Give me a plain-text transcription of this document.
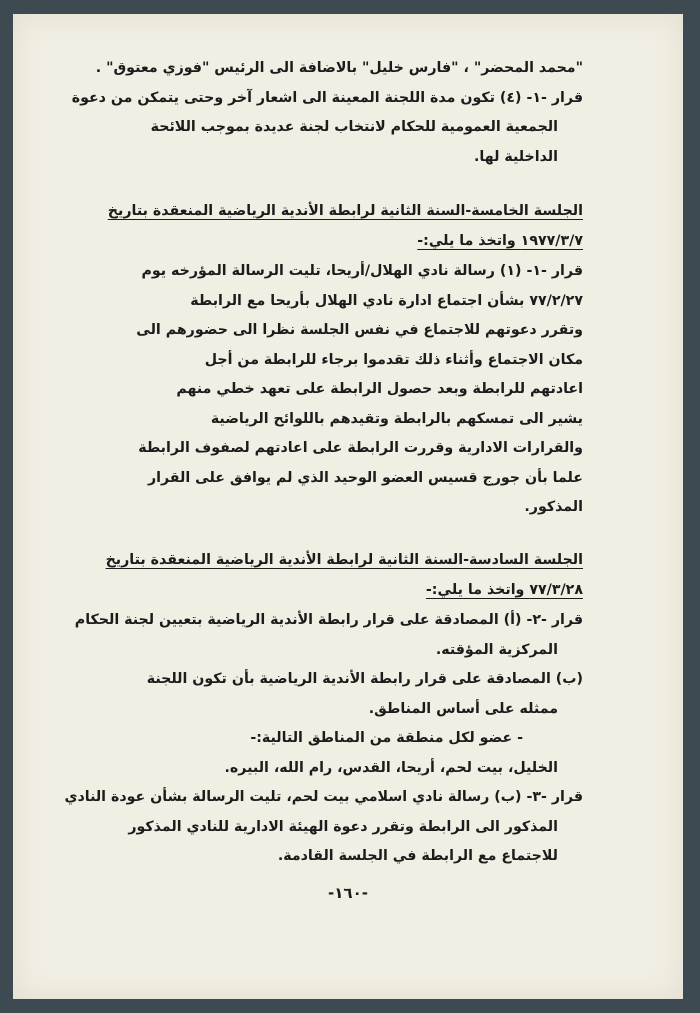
"محمد المحضر" ، "فارس خليل" بالاضافة الى الرئيس "فوزي معتوق" .
قرار -١- (٤) تكون مدة اللجنة المعينة الى اشعار آخر وحتى يتمكن من دعوة
الجمعية العمومية للحكام لانتخاب لجنة عديدة بموجب اللائحة
الداخلية لها.
الجلسة الخامسة-السنة الثانية لرابطة الأندية الرياضية المنعقدة بتاريخ
١٩٧٧/٣/٧ واتخذ ما يلي:-
قرار -١- (١) رسالة نادي الهلال/أريحا، تليت الرسالة المؤرخه يوم
٧٧/٢/٢٧ بشأن اجتماع ادارة نادي الهلال بأريحا مع الرابطة
وتقرر دعوتهم للاجتماع في نفس الجلسة نظرا الى حضورهم الى
مكان الاجتماع وأثناء ذلك تقدموا برجاء للرابطة من أجل
اعادتهم للرابطة وبعد حصول الرابطة على تعهد خطي منهم
يشير الى تمسكهم بالرابطة وتقيدهم باللوائح الرياضية
والقرارات الادارية وقررت الرابطة على اعادتهم لصفوف الرابطة
علما بأن جورج قسيس العضو الوحيد الذي لم يوافق على القرار
المذكور.
الجلسة السادسة-السنة الثانية لرابطة الأندية الرياضية المنعقدة بتاريخ
٧٧/٣/٢٨ واتخذ ما يلي:-
قرار -٢- (أ) المصادقة على قرار رابطة الأندية الرياضية بتعيين لجنة الحكام
المركزية المؤقته.
(ب) المصادقة على قرار رابطة الأندية الرياضية بأن تكون اللجنة
ممثله على أساس المناطق.
- عضو لكل منطقة من المناطق التالية:-
الخليل، بيت لحم، أريحا، القدس، رام الله، البيره.
قرار -٣- (ب) رسالة نادي اسلامي بيت لحم، تليت الرسالة بشأن عودة النادي
المذكور الى الرابطة وتقرر دعوة الهيئة الادارية للنادي المذكور
للاجتماع مع الرابطة في الجلسة القادمة.
-١٦٠-
